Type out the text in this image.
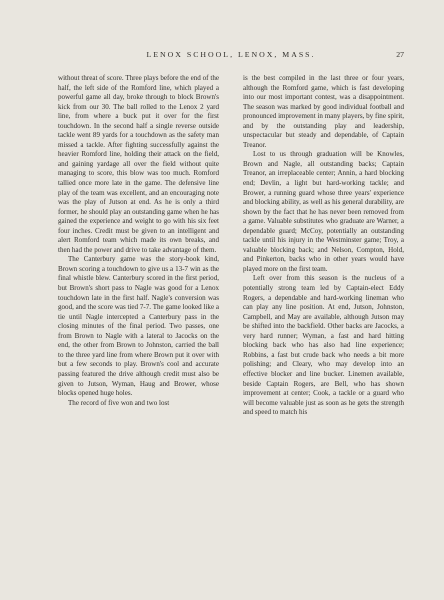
LENOX SCHOOL, LENOX, MASS.	27

without threat of score. Three plays before the end of the half, the left side of the Romford line, which played a powerful game all day, broke through to block Brown's kick from our 30. The ball rolled to the Lenox 2 yard line, from where a buck put it over for the first touchdown. In the second half a single reverse outside tackle went 89 yards for a touchdown as the safety man missed a tackle. After fighting successfully against the heavier Romford line, holding their attack on the field, and gaining yardage all over the field without quite managing to score, this blow was too much. Romford tallied once more late in the game. The defensive line play of the team was excellent, and an encouraging note was the play of Jutson at end. As he is only a third former, he should play an outstanding game when he has gained the experience and weight to go with his six feet four inches. Credit must be given to an intelligent and alert Romford team which made its own breaks, and then had the power and drive to take advantage of them.

The Canterbury game was the story-book kind, Brown scoring a touchdown to give us a 13-7 win as the final whistle blew. Canterbury scored in the first period, but Brown's short pass to Nagle was good for a Lenox touchdown late in the first half. Nagle's conversion was good, and the score was tied 7-7. The game looked like a tie until Nagle intercepted a Canterbury pass in the closing minutes of the final period. Two passes, one from Brown to Nagle with a lateral to Jacocks on the end, the other from Brown to Johnston, carried the ball to the three yard line from where Brown put it over with but a few seconds to play. Brown's cool and accurate passing featured the drive although credit must also be given to Jutson, Wyman, Haug and Brower, whose blocks opened huge holes.

The record of five won and two lost

is the best compiled in the last three or four years, although the Romford game, which is fast developing into our most important contest, was a disappointment. The season was marked by good individual football and pronounced improvement in many players, by fine spirit, and by the outstanding play and leadership, unspectacular but steady and dependable, of Captain Treanor.

Lost to us through graduation will be Knowles, Brown and Nagle, all outstanding backs; Captain Treanor, an irreplaceable center; Annin, a hard blocking end; Devlin, a light but hard-working tackle; and Brower, a running guard whose three years' experience and blocking ability, as well as his general durability, are shown by the fact that he has never been removed from a game. Valuable substitutes who graduate are Warner, a dependable guard; McCoy, potentially an outstanding tackle until his injury in the Westminster game; Troy, a valuable blocking back; and Nelson, Compton, Hold, and Pinkerton, backs who in other years would have played more on the first team.

Left over from this season is the nucleus of a potentially strong team led by Captain-elect Eddy Rogers, a dependable and hard-working lineman who can play any line position. At end, Jutson, Johnston, Campbell, and May are available, although Jutson may be shifted into the backfield. Other backs are Jacocks, a very hard runner; Wyman, a fast and hard hitting blocking back who has also had line experience; Robbins, a fast but crude back who needs a bit more polishing; and Cleary, who may develop into an effective blocker and line bucker. Linemen available, beside Captain Rogers, are Bell, who has shown improvement at center; Cook, a tackle or a guard who will become valuable just as soon as he gets the strength and speed to match his
